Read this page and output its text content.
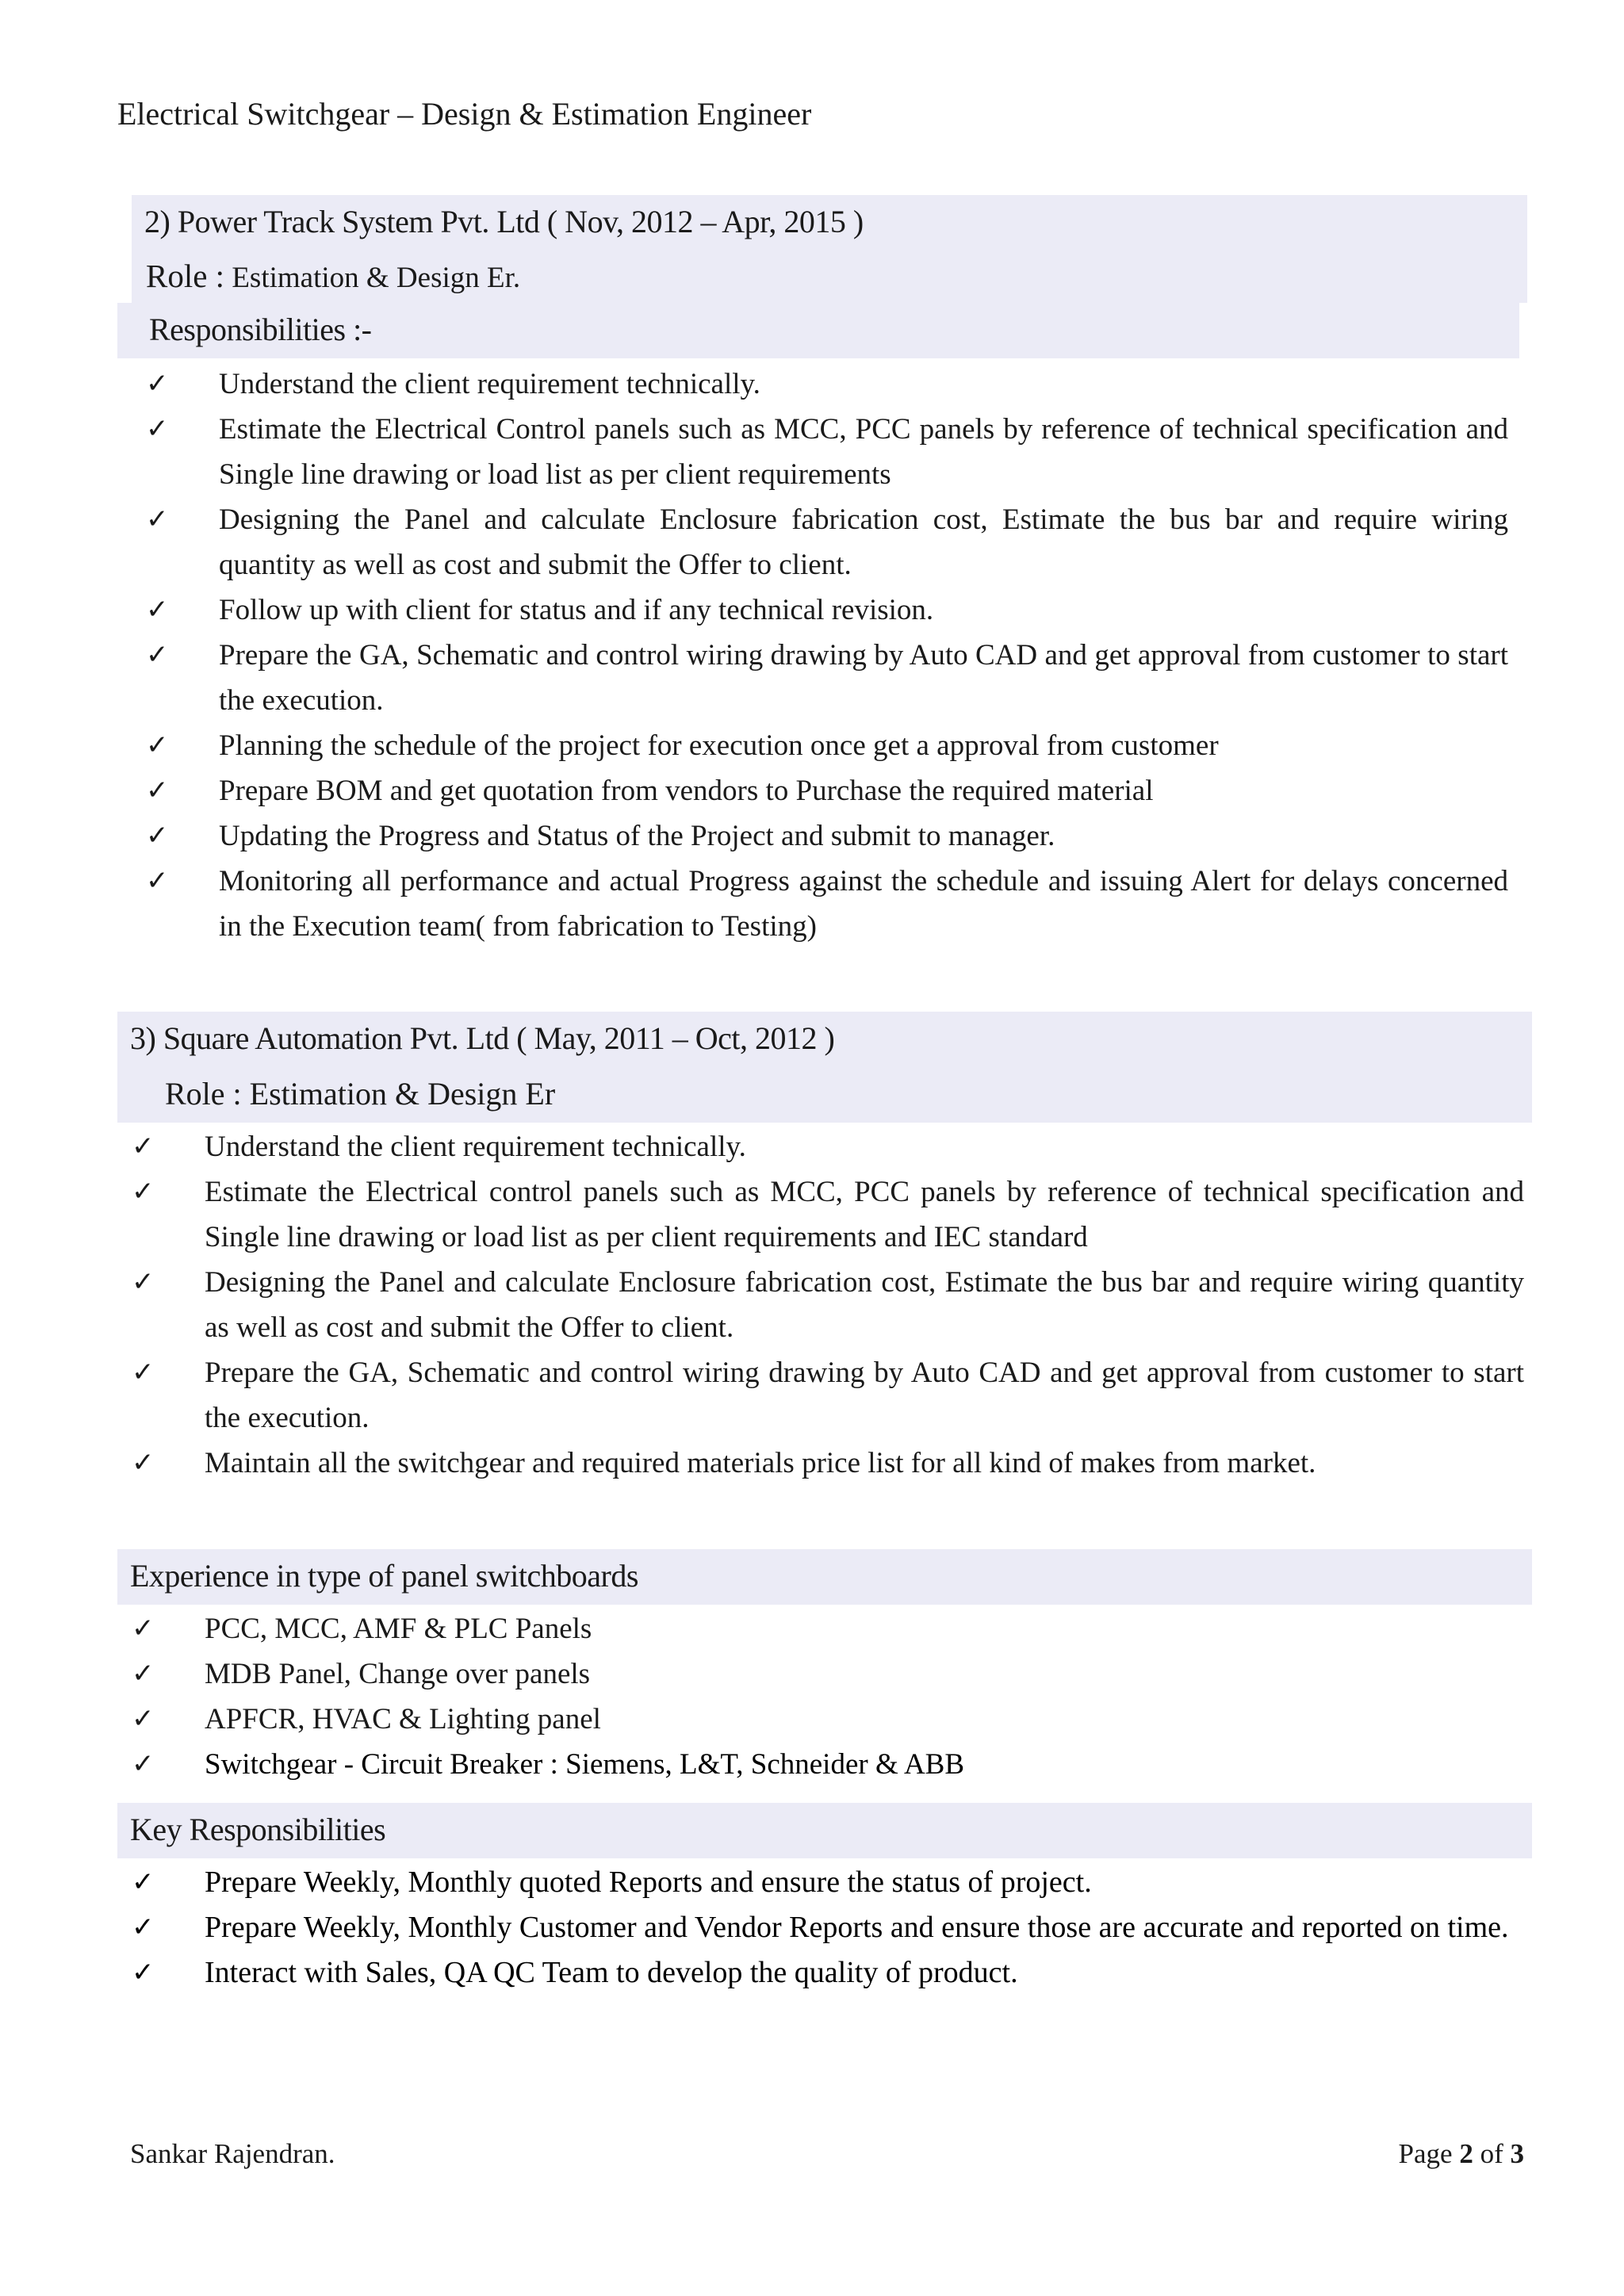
Electrical Switchgear – Design & Estimation Engineer
2) Power Track System Pvt. Ltd ( Nov, 2012 – Apr, 2015 )
Role : Estimation & Design Er.
Responsibilities :-
✓ Understand the client requirement technically.
✓ Estimate the Electrical Control panels such as MCC, PCC panels by reference of technical specification and Single line drawing or load list as per client requirements
✓ Designing the Panel and calculate Enclosure fabrication cost, Estimate the bus bar and require wiring quantity as well as cost and submit the Offer to client.
✓ Follow up with client for status and if any technical revision.
✓ Prepare the GA, Schematic and control wiring drawing by Auto CAD and get approval from customer to start the execution.
✓ Planning the schedule of the project for execution once get a approval from customer
✓ Prepare BOM and get quotation from vendors to Purchase the required material
✓ Updating the Progress and Status of the Project and submit to manager.
✓ Monitoring all performance and actual Progress against the schedule and issuing Alert for delays concerned in the Execution team( from fabrication to Testing)
3) Square Automation Pvt. Ltd ( May, 2011 – Oct, 2012 )
Role : Estimation & Design Er
✓ Understand the client requirement technically.
✓ Estimate the Electrical control panels such as MCC, PCC panels by reference of technical specification and Single line drawing or load list as per client requirements and IEC standard
✓ Designing the Panel and calculate Enclosure fabrication cost, Estimate the bus bar and require wiring quantity as well as cost and submit the Offer to client.
✓ Prepare the GA, Schematic and control wiring drawing by Auto CAD and get approval from customer to start the execution.
✓ Maintain all the switchgear and required materials price list for all kind of makes from market.
Experience in type of panel switchboards
✓ PCC, MCC, AMF & PLC Panels
✓ MDB Panel, Change over panels
✓ APFCR, HVAC & Lighting panel
✓ Switchgear - Circuit Breaker : Siemens, L&T, Schneider & ABB
Key Responsibilities
✓ Prepare Weekly, Monthly quoted Reports and ensure the status of project.
✓ Prepare Weekly, Monthly Customer and Vendor Reports and ensure those are accurate and reported on time.
✓ Interact with Sales, QA QC Team to develop the quality of product.
Sankar Rajendran.	Page 2 of 3
